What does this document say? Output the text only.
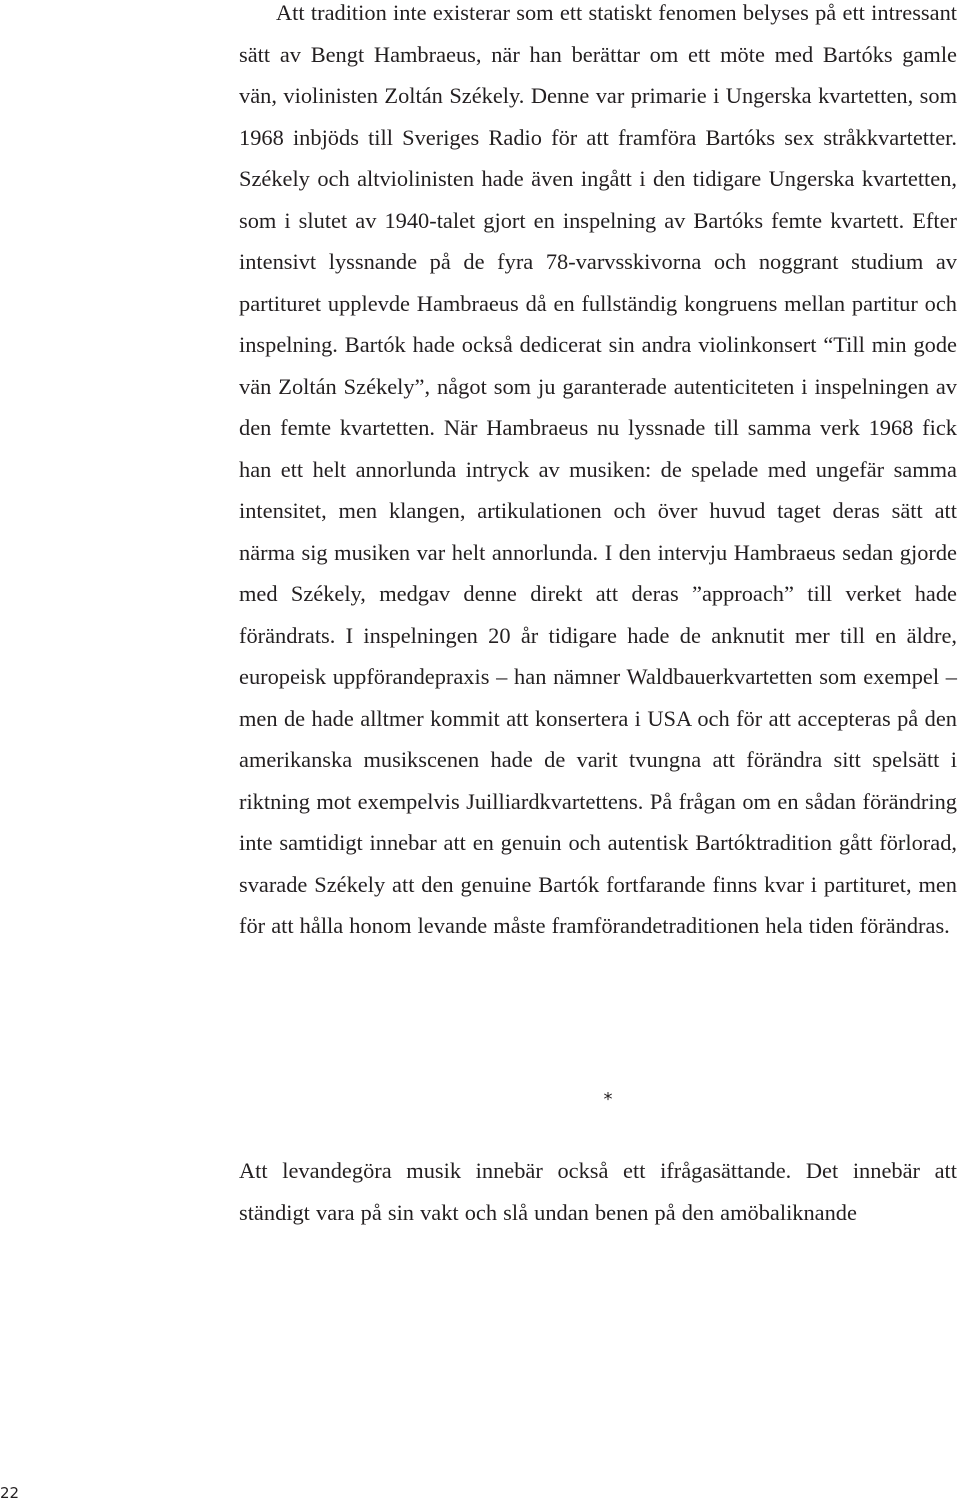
Att tradition inte existerar som ett statiskt fenomen belyses på ett intressant sätt av Bengt Hambraeus, när han berättar om ett möte med Bartóks gamle vän, violinisten Zoltán Székely. Denne var primarie i Ungerska kvartetten, som 1968 inbjöds till Sveriges Radio för att framföra Bartóks sex stråkkvartetter. Székely och altviolinisten hade även ingått i den tidigare Ungerska kvartetten, som i slutet av 1940-talet gjort en inspelning av Bartóks femte kvartett. Efter intensivt lyssnande på de fyra 78-varvsskivorna och noggrant studium av partituret upplevde Hambraeus då en fullständig kongruens mellan partitur och inspelning. Bartók hade också dedicerat sin andra violinkonsert “Till min gode vän Zoltán Székely”, något som ju garanterade autenticiteten i inspelningen av den femte kvartetten. När Hambraeus nu lyssnade till samma verk 1968 fick han ett helt annorlunda intryck av musiken: de spelade med ungefär samma intensitet, men klangen, artikulationen och över huvud taget deras sätt att närma sig musiken var helt annorlunda. I den intervju Hambraeus sedan gjorde med Székely, medgav denne direkt att deras ”approach” till verket hade förändrats. I inspelningen 20 år tidigare hade de anknutit mer till en äldre, europeisk uppförandepraxis – han nämner Waldbauerkvartetten som exempel – men de hade alltmer kommit att konsertera i USA och för att accepteras på den amerikanska musikscenen hade de varit tvungna att förändra sitt spelsätt i riktning mot exempelvis Juilliardkvartettens. På frågan om en sådan förändring inte samtidigt innebar att en genuin och autentisk Bartóktradition gått förlorad, svarade Székely att den genuine Bartók fortfarande finns kvar i partituret, men för att hålla honom levande måste framförandetraditionen hela tiden förändras.

*

Att levandegöra musik innebär också ett ifrågasättande. Det innebär att ständigt vara på sin vakt och slå undan benen på den amöbaliknande

22
